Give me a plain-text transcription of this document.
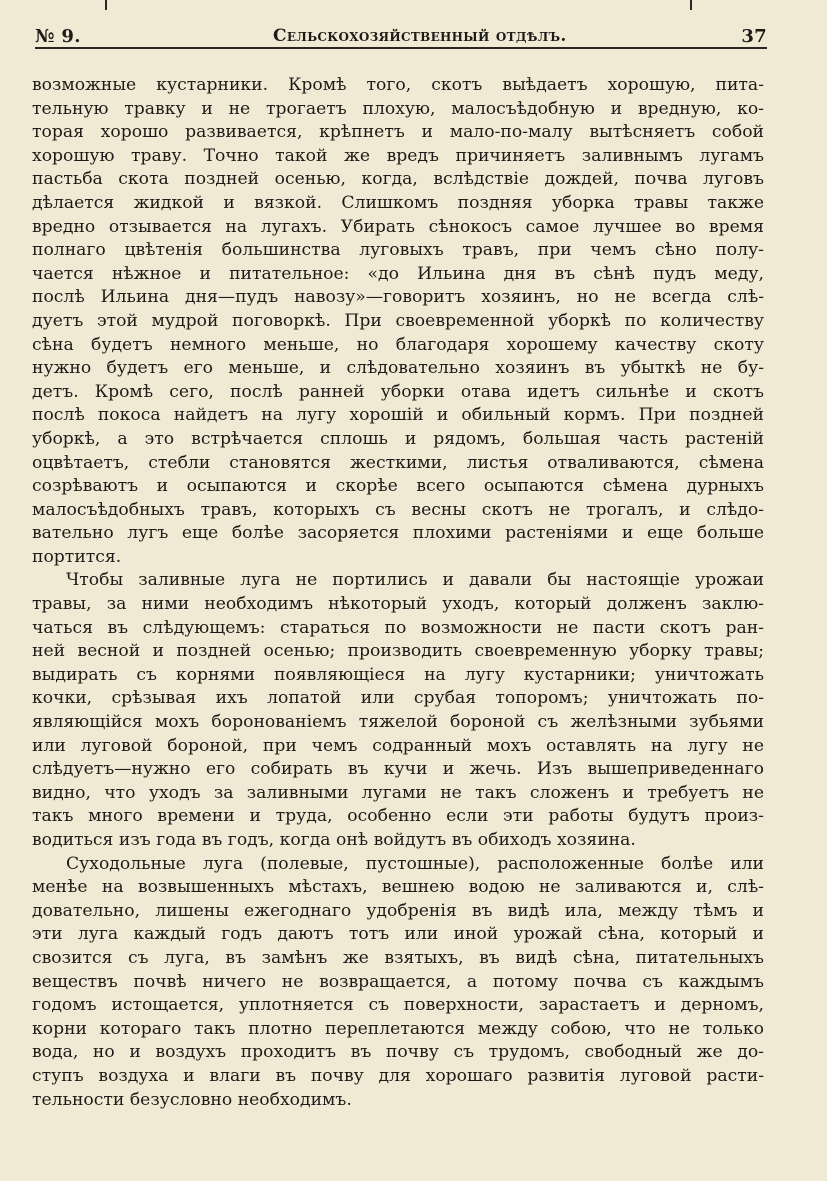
№ 9.	Сельскохозяйственный отдѣлъ.	37
возможные кустарники. Кромѣ того, скотъ выѣдаетъ хорошую, пита-
тельную травку и не трогаетъ плохую, малосъѣдобную и вредную, ко-
торая хорошо развивается, крѣпнетъ и мало-по-малу вытѣсняетъ собой
хорошую траву. Точно такой же вредъ причиняетъ заливнымъ лугамъ
пастьба скота поздней осенью, когда, вслѣдствіе дождей, почва луговъ
дѣлается жидкой и вязкой. Слишкомъ поздняя уборка травы также
вредно отзывается на лугахъ. Убирать сѣнокосъ самое лучшее во время
полнаго цвѣтенія большинства луговыхъ травъ, при чемъ сѣно полу-
чается нѣжное и питательное: «до Ильина дня въ сѣнѣ пудъ меду,
послѣ Ильина дня—пудъ навозу»—говоритъ хозяинъ, но не всегда слѣ-
дуетъ этой мудрой поговоркѣ. При своевременной уборкѣ по количеству
сѣна будетъ немного меньше, но благодаря хорошему качеству скоту
нужно будетъ его меньше, и слѣдовательно хозяинъ въ убыткѣ не бу-
детъ. Кромѣ сего, послѣ ранней уборки отава идетъ сильнѣе и скотъ
послѣ покоса найдетъ на лугу хорошій и обильный кормъ. При поздней
уборкѣ, а это встрѣчается сплошь и рядомъ, большая часть растеній
оцвѣтаетъ, стебли становятся жесткими, листья отваливаются, сѣмена
созрѣваютъ и осыпаются и скорѣе всего осыпаются сѣмена дурныхъ
малосъѣдобныхъ травъ, которыхъ съ весны скотъ не трогалъ, и слѣдо-
вательно лугъ еще болѣе засоряется плохими растеніями и еще больше
портится.
Чтобы заливные луга не портились и давали бы настоящіе урожаи
травы, за ними необходимъ нѣкоторый уходъ, который долженъ заклю-
чаться въ слѣдующемъ: стараться по возможности не пасти скотъ ран-
ней весной и поздней осенью; производить своевременную уборку травы;
выдирать съ корнями появляющіеся на лугу кустарники; уничтожать
кочки, срѣзывая ихъ лопатой или срубая топоромъ; уничтожать по-
являющійся мохъ боронованіемъ тяжелой бороной съ желѣзными зубьями
или луговой бороной, при чемъ содранный мохъ оставлять на лугу не
слѣдуетъ—нужно его собирать въ кучи и жечь. Изъ вышеприведеннаго
видно, что уходъ за заливными лугами не такъ сложенъ и требуетъ не
такъ много времени и труда, особенно если эти работы будутъ произ-
водиться изъ года въ годъ, когда онѣ войдутъ въ обиходъ хозяина.
Суходольные луга (полевые, пустошные), расположенные болѣе или
менѣе на возвышенныхъ мѣстахъ, вешнею водою не заливаются и, слѣ-
довательно, лишены ежегоднаго удобренія въ видѣ ила, между тѣмъ и
эти луга каждый годъ даютъ тотъ или иной урожай сѣна, который и
свозится съ луга, въ замѣнъ же взятыхъ, въ видѣ сѣна, питательныхъ
веществъ почвѣ ничего не возвращается, а потому почва съ каждымъ
годомъ истощается, уплотняется съ поверхности, зарастаетъ и дерномъ,
корни котораго такъ плотно переплетаются между собою, что не только
вода, но и воздухъ проходитъ въ почву съ трудомъ, свободный же до-
ступъ воздуха и влаги въ почву для хорошаго развитія луговой расти-
тельности безусловно необходимъ.
